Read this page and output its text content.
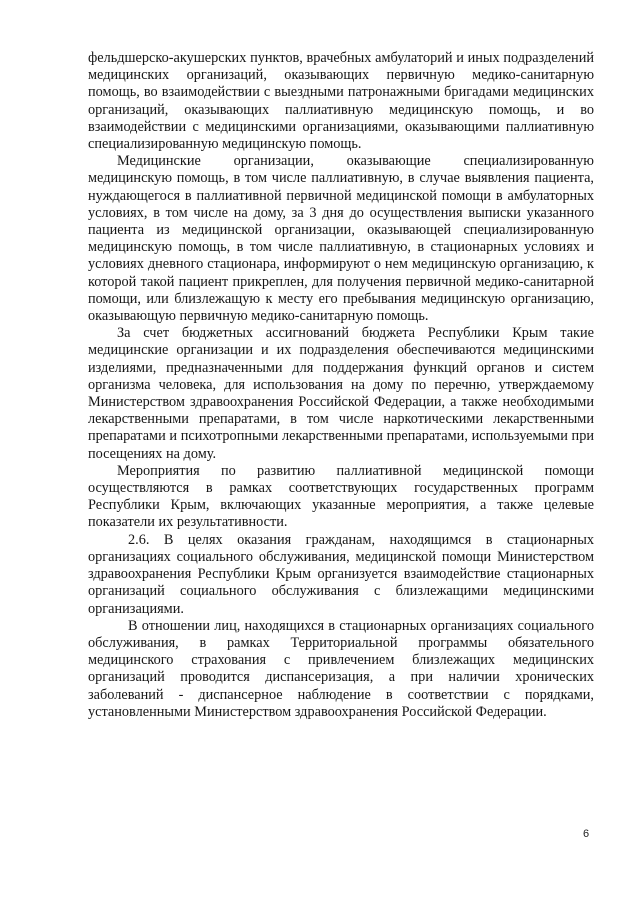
фельдшерско-акушерских пунктов, врачебных амбулаторий и иных подразделений медицинских организаций, оказывающих первичную медико-санитарную помощь, во взаимодействии с выездными патронажными бригадами медицинских организаций, оказывающих паллиативную медицинскую помощь, и во взаимодействии с медицинскими организациями, оказывающими паллиативную специализированную медицинскую помощь.

Медицинские организации, оказывающие специализированную медицинскую помощь, в том числе паллиативную, в случае выявления пациента, нуждающегося в паллиативной первичной медицинской помощи в амбулаторных условиях, в том числе на дому, за 3 дня до осуществления выписки указанного пациента из медицинской организации, оказывающей специализированную медицинскую помощь, в том числе паллиативную, в стационарных условиях и условиях дневного стационара, информируют о нем медицинскую организацию, к которой такой пациент прикреплен, для получения первичной медико-санитарной помощи, или близлежащую к месту его пребывания медицинскую организацию, оказывающую первичную медико-санитарную помощь.

За счет бюджетных ассигнований бюджета Республики Крым такие медицинские организации и их подразделения обеспечиваются медицинскими изделиями, предназначенными для поддержания функций органов и систем организма человека, для использования на дому по перечню, утверждаемому Министерством здравоохранения Российской Федерации, а также необходимыми лекарственными препаратами, в том числе наркотическими лекарственными препаратами и психотропными лекарственными препаратами, используемыми при посещениях на дому.

Мероприятия по развитию паллиативной медицинской помощи осуществляются в рамках соответствующих государственных программ Республики Крым, включающих указанные мероприятия, а также целевые показатели их результативности.

2.6. В целях оказания гражданам, находящимся в стационарных организациях социального обслуживания, медицинской помощи Министерством здравоохранения Республики Крым организуется взаимодействие стационарных организаций социального обслуживания с близлежащими медицинскими организациями.

В отношении лиц, находящихся в стационарных организациях социального обслуживания, в рамках Территориальной программы обязательного медицинского страхования с привлечением близлежащих медицинских организаций проводится диспансеризация, а при наличии хронических заболеваний - диспансерное наблюдение в соответствии с порядками, установленными Министерством здравоохранения Российской Федерации.

6
